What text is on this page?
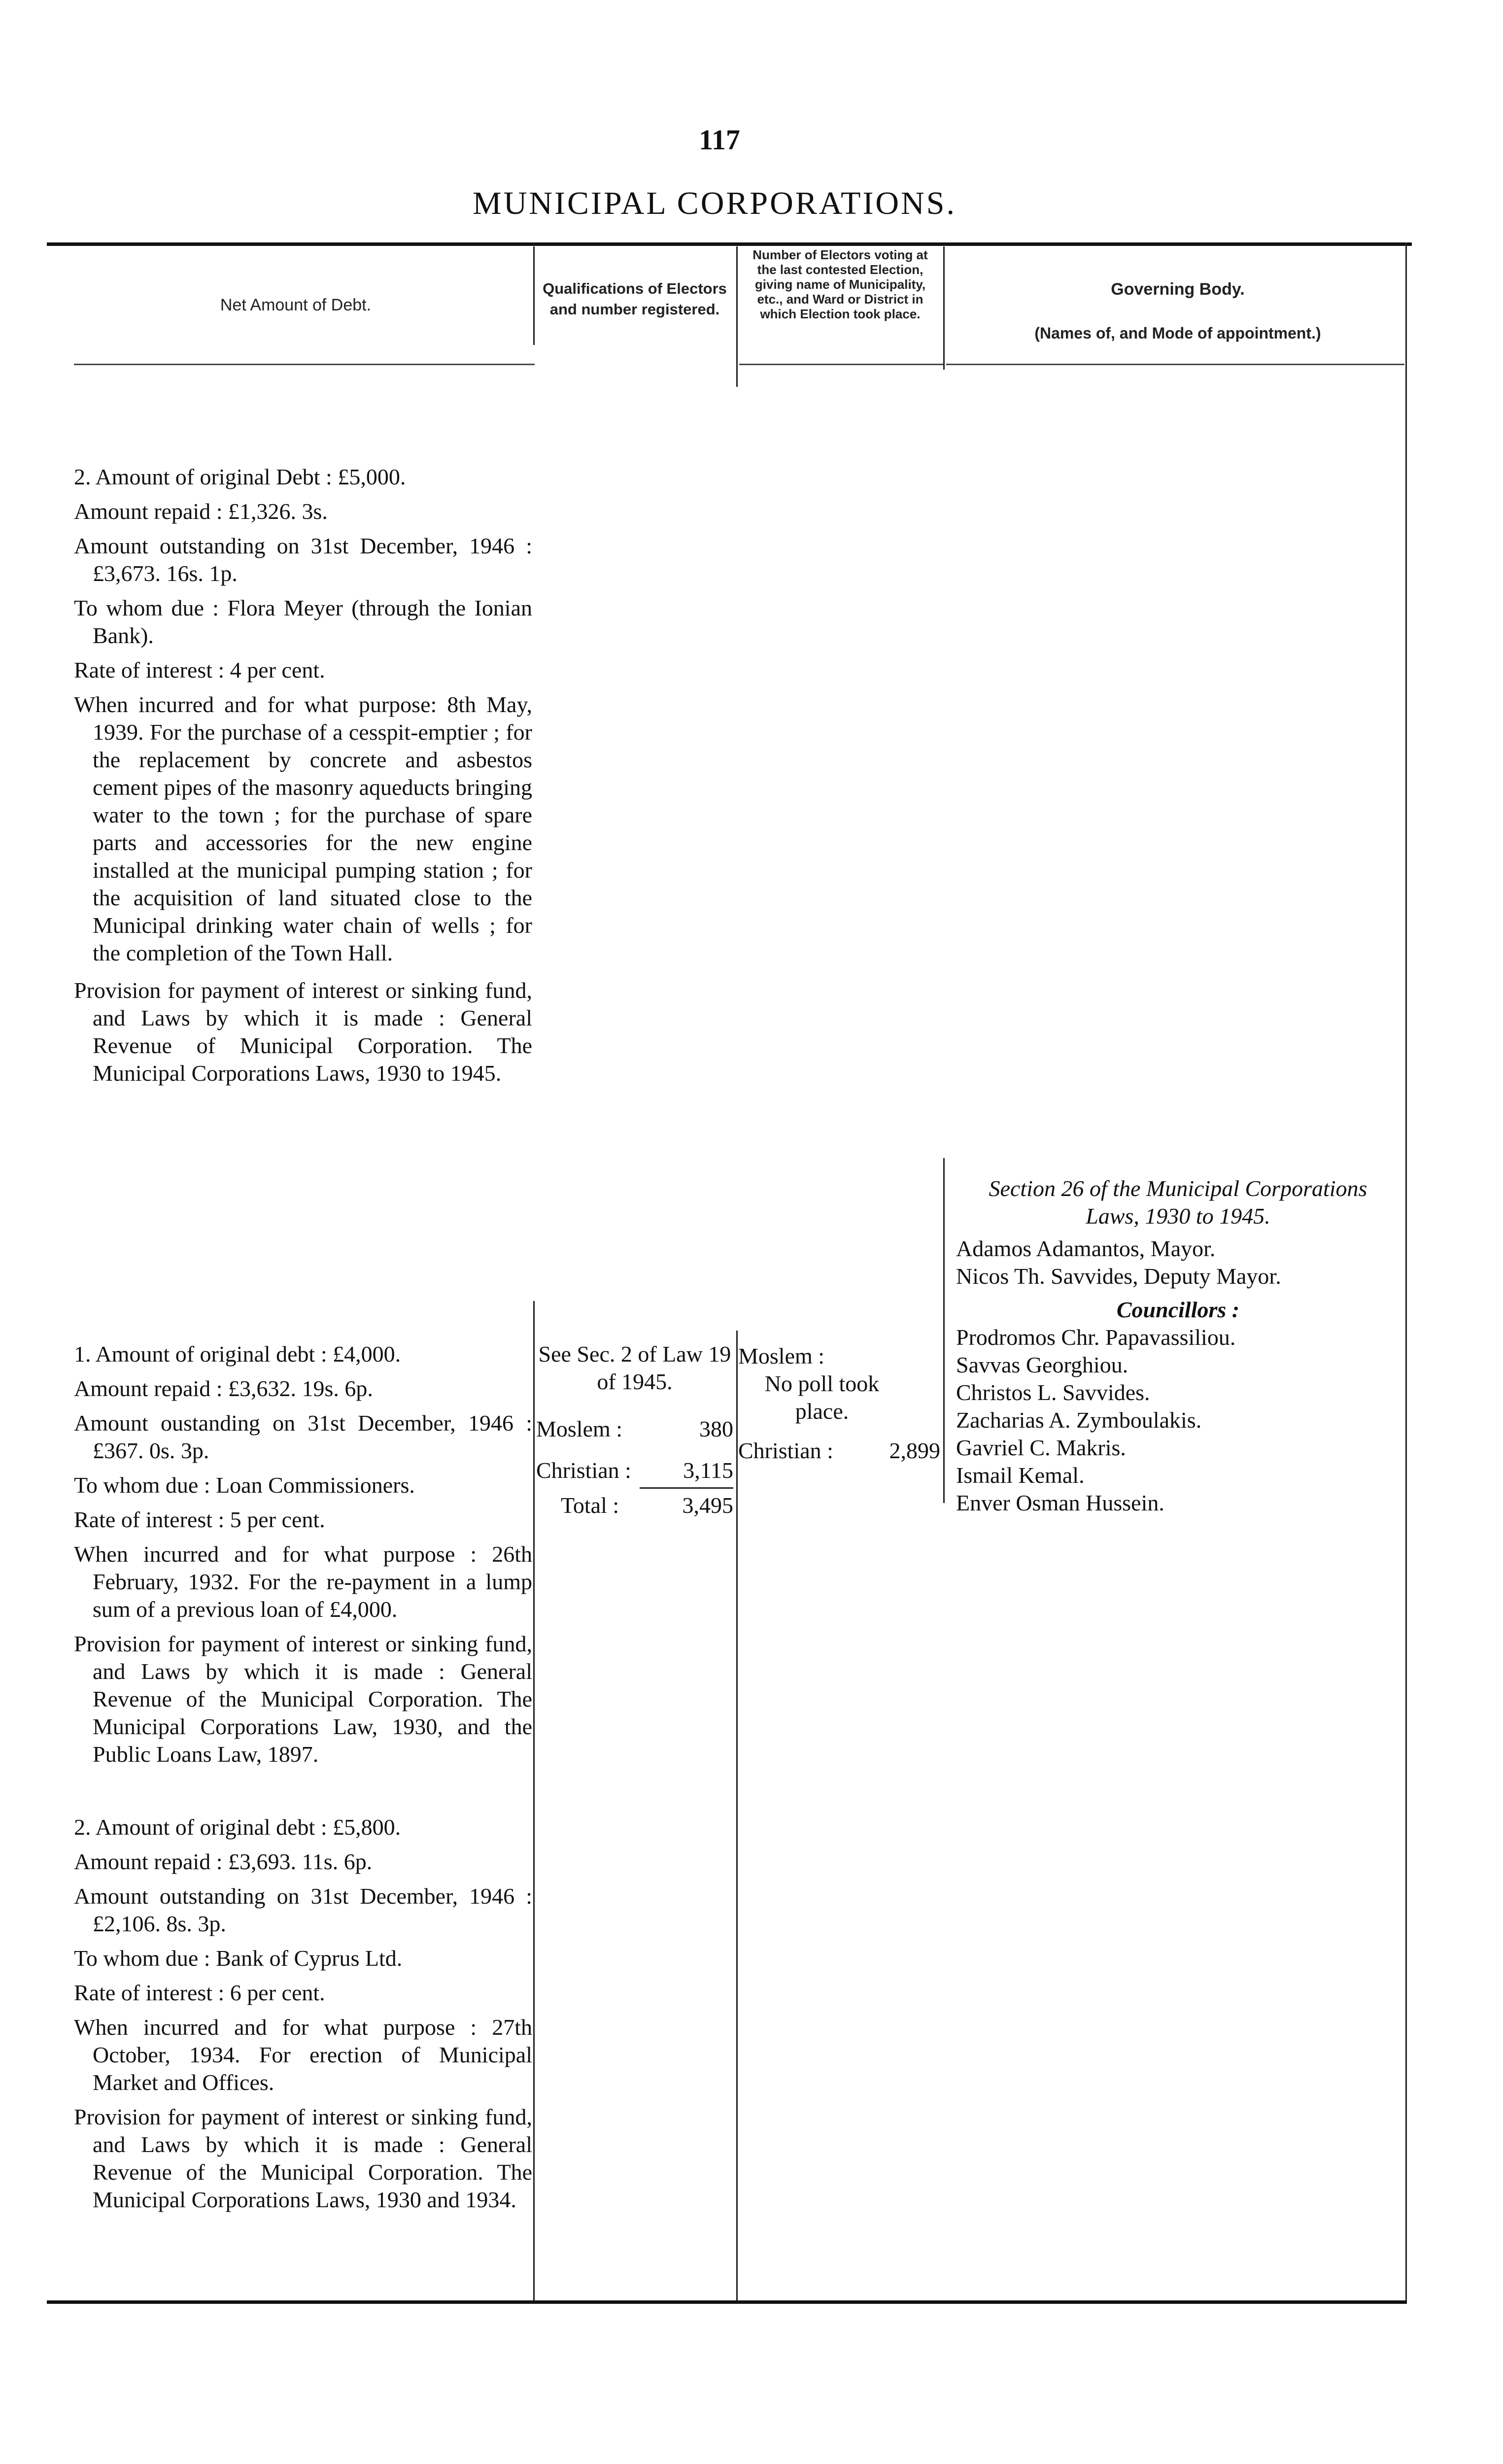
117
MUNICIPAL CORPORATIONS.
Net Amount of Debt.
Qualifications of Electors and number registered.
Number of Electors voting at the last contested Election, giving name of Municipality, etc., and Ward or District in which Election took place.
Governing Body.
(Names of, and Mode of appointment.)

2. Amount of original Debt : £5,000.

Amount repaid : £1,326. 3s.

Amount outstanding on 31st December, 1946 : £3,673. 16s. 1p.

To whom due : Flora Meyer (through the Ionian Bank).

Rate of interest : 4 per cent.

When incurred and for what purpose: 8th May, 1939. For the purchase of a cesspit-emptier ; for the replacement by concrete and asbestos cement pipes of the masonry aqueducts bringing water to the town ; for the purchase of spare parts and accessories for the new engine installed at the municipal pumping station ; for the acquisition of land situated close to the Municipal drinking water chain of wells ; for the completion of the Town Hall.

Provision for payment of interest or sinking fund, and Laws by which it is made : General Revenue of Municipal Corporation. The Municipal Corporations Laws, 1930 to 1945.

Section 26 of the Municipal Corporations

Laws, 1930 to 1945.

Adamos Adamantos, Mayor.

Nicos Th. Savvides, Deputy Mayor.

Councillors :

Prodromos Chr. Papavassiliou.

Savvas Georghiou.

Christos L. Savvides.

Zacharias A. Zymboulakis.

Gavriel C. Makris.

Ismail Kemal.

Enver Osman Hussein.

1. Amount of original debt : £4,000.

Amount repaid : £3,632. 19s. 6p.

Amount oustanding on 31st December, 1946 : £367. 0s. 3p.

To whom due : Loan Commissioners.

Rate of interest : 5 per cent.

When incurred and for what purpose : 26th February, 1932. For the re-payment in a lump sum of a previous loan of £4,000.

Provision for payment of interest or sinking fund, and Laws by which it is made : General Revenue of the Municipal Corporation. The Municipal Corporations Law, 1930, and the Public Loans Law, 1897.

2. Amount of original debt : £5,800.

Amount repaid : £3,693. 11s. 6p.

Amount outstanding on 31st December, 1946 : £2,106. 8s. 3p.

To whom due : Bank of Cyprus Ltd.

Rate of interest : 6 per cent.

When incurred and for what purpose : 27th October, 1934. For erection of Municipal Market and Offices.

Provision for payment of interest or sinking fund, and Laws by which it is made : General Revenue of the Municipal Corporation. The Municipal Corporations Laws, 1930 and 1934.

See Sec. 2 of Law 19 of 1945.

Moslem :	380
Christian : 3,115
Total :	3,495

Moslem :

No poll took place.

Christian : 2,899
